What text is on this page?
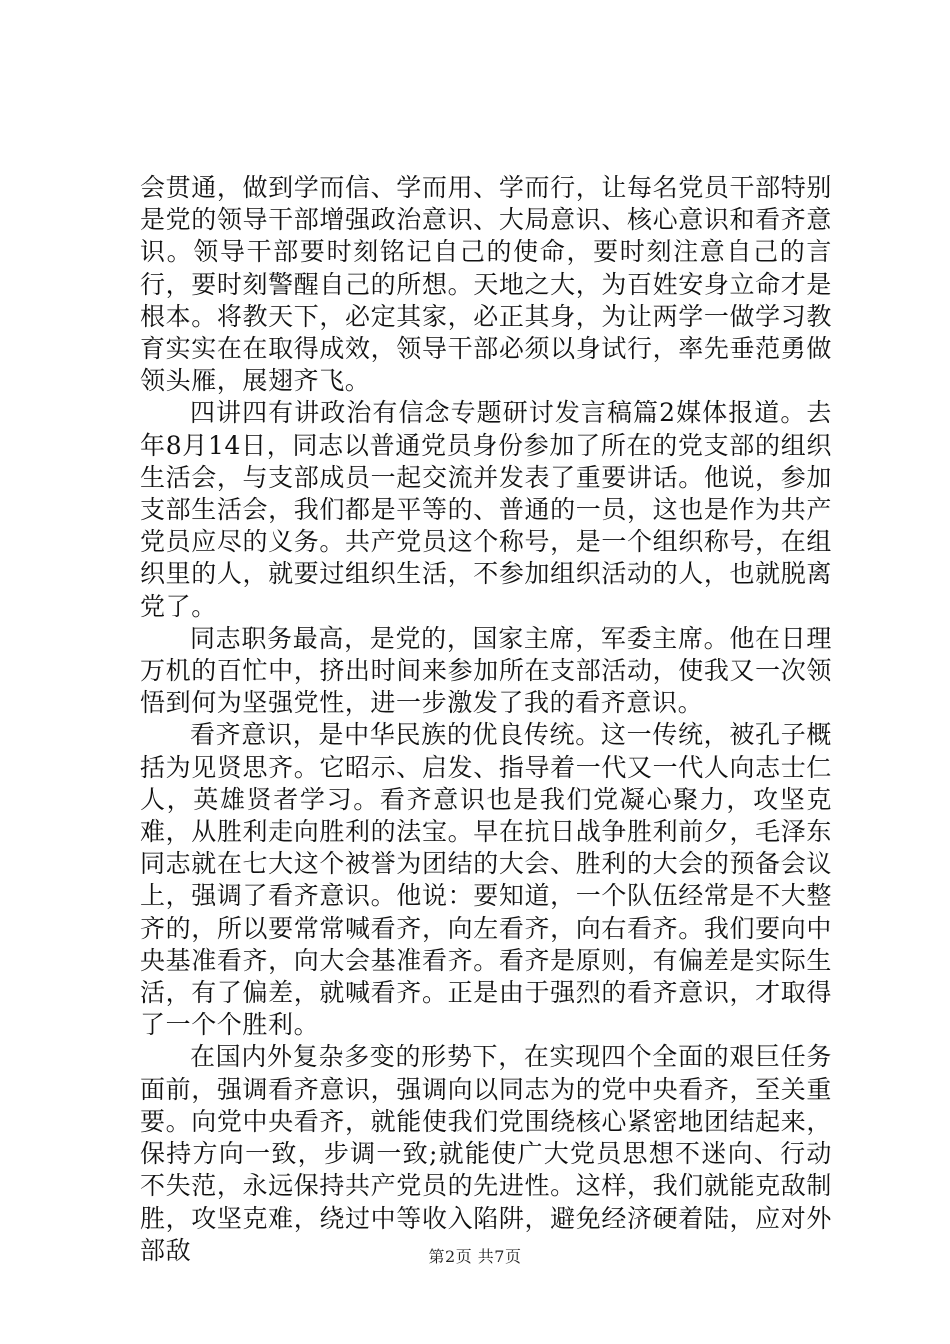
会贯通，做到学而信、学而用、学而行，让每名党员干部特别是党的领导干部增强政治意识、大局意识、核心意识和看齐意识。领导干部要时刻铭记自己的使命，要时刻注意自己的言行，要时刻警醒自己的所想。天地之大，为百姓安身立命才是根本。将教天下，必定其家，必正其身，为让两学一做学习教育实实在在取得成效，领导干部必须以身试行，率先垂范勇做领头雁，展翅齐飞。

四讲四有讲政治有信念专题研讨发言稿篇2媒体报道。去年8月14日，同志以普通党员身份参加了所在的党支部的组织生活会，与支部成员一起交流并发表了重要讲话。他说，参加支部生活会，我们都是平等的、普通的一员，这也是作为共产党员应尽的义务。共产党员这个称号，是一个组织称号，在组织里的人，就要过组织生活，不参加组织活动的人，也就脱离党了。

同志职务最高，是党的，国家主席，军委主席。他在日理万机的百忙中，挤出时间来参加所在支部活动，使我又一次领悟到何为坚强党性，进一步激发了我的看齐意识。

看齐意识，是中华民族的优良传统。这一传统，被孔子概括为见贤思齐。它昭示、启发、指导着一代又一代人向志士仁人，英雄贤者学习。看齐意识也是我们党凝心聚力，攻坚克难，从胜利走向胜利的法宝。早在抗日战争胜利前夕，毛泽东同志就在七大这个被誉为团结的大会、胜利的大会的预备会议上，强调了看齐意识。他说：要知道，一个队伍经常是不大整齐的，所以要常常喊看齐，向左看齐，向右看齐。我们要向中央基准看齐，向大会基准看齐。看齐是原则，有偏差是实际生活，有了偏差，就喊看齐。正是由于强烈的看齐意识，才取得了一个个胜利。

在国内外复杂多变的形势下，在实现四个全面的艰巨任务面前，强调看齐意识，强调向以同志为的党中央看齐，至关重要。向党中央看齐，就能使我们党围绕核心紧密地团结起来，保持方向一致，步调一致;就能使广大党员思想不迷向、行动不失范，永远保持共产党员的先进性。这样，我们就能克敌制胜，攻坚克难，绕过中等收入陷阱，避免经济硬着陆，应对外部敌	第2页 共7页
